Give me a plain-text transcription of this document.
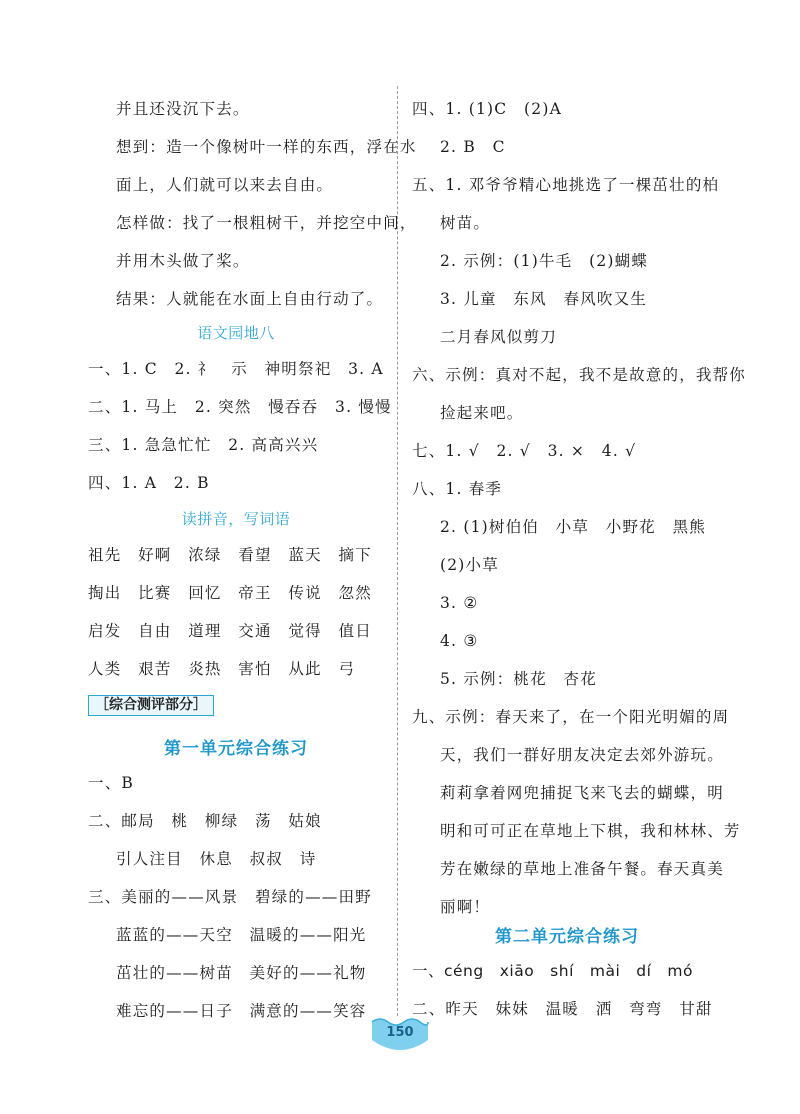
并且还没沉下去。
想到：造一个像树叶一样的东西，浮在水
面上，人们就可以来去自由。
怎样做：找了一根粗树干，并挖空中间，
并用木头做了桨。
结果：人就能在水面上自由行动了。
语文园地八
一、1. C　2. 礻　示　神明祭祀　3. A
二、1. 马上　2. 突然　慢吞吞　3. 慢慢
三、1. 急急忙忙　2. 高高兴兴
四、1. A　2. B
读拼音，写词语
祖先　好啊　浓绿　看望　蓝天　摘下
掏出　比赛　回忆　帝王　传说　忽然
启发　自由　道理　交通　觉得　值日
人类　艰苦　炎热　害怕　从此　弓
［综合测评部分］
第一单元综合练习
一、B
二、邮局　桃　柳绿　荡　姑娘
引人注目　休息　叔叔　诗
三、美丽的——风景　碧绿的——田野
蓝蓝的——天空　温暖的——阳光
茁壮的——树苗　美好的——礼物
难忘的——日子　满意的——笑容
四、1. (1)C　(2)A
2. B　C
五、1. 邓爷爷精心地挑选了一棵茁壮的柏
树苗。
2. 示例：(1)牛毛　(2)蝴蝶
3. 儿童　东风　春风吹又生
二月春风似剪刀
六、示例：真对不起，我不是故意的，我帮你
捡起来吧。
七、1. √　2. √　3. ×　4. √
八、1. 春季
2. (1)树伯伯　小草　小野花　黑熊
(2)小草
3. ②
4. ③
5. 示例：桃花　杏花
九、示例：春天来了，在一个阳光明媚的周
天，我们一群好朋友决定去郊外游玩。
莉莉拿着网兜捕捉飞来飞去的蝴蝶，明
明和可可正在草地上下棋，我和林林、芳
芳在嫩绿的草地上准备午餐。春天真美
丽啊！
第二单元综合练习
一、céng　xiāo　shí　mài　dí　mó
二、昨天　妹妹　温暖　洒　弯弯　甘甜
150
